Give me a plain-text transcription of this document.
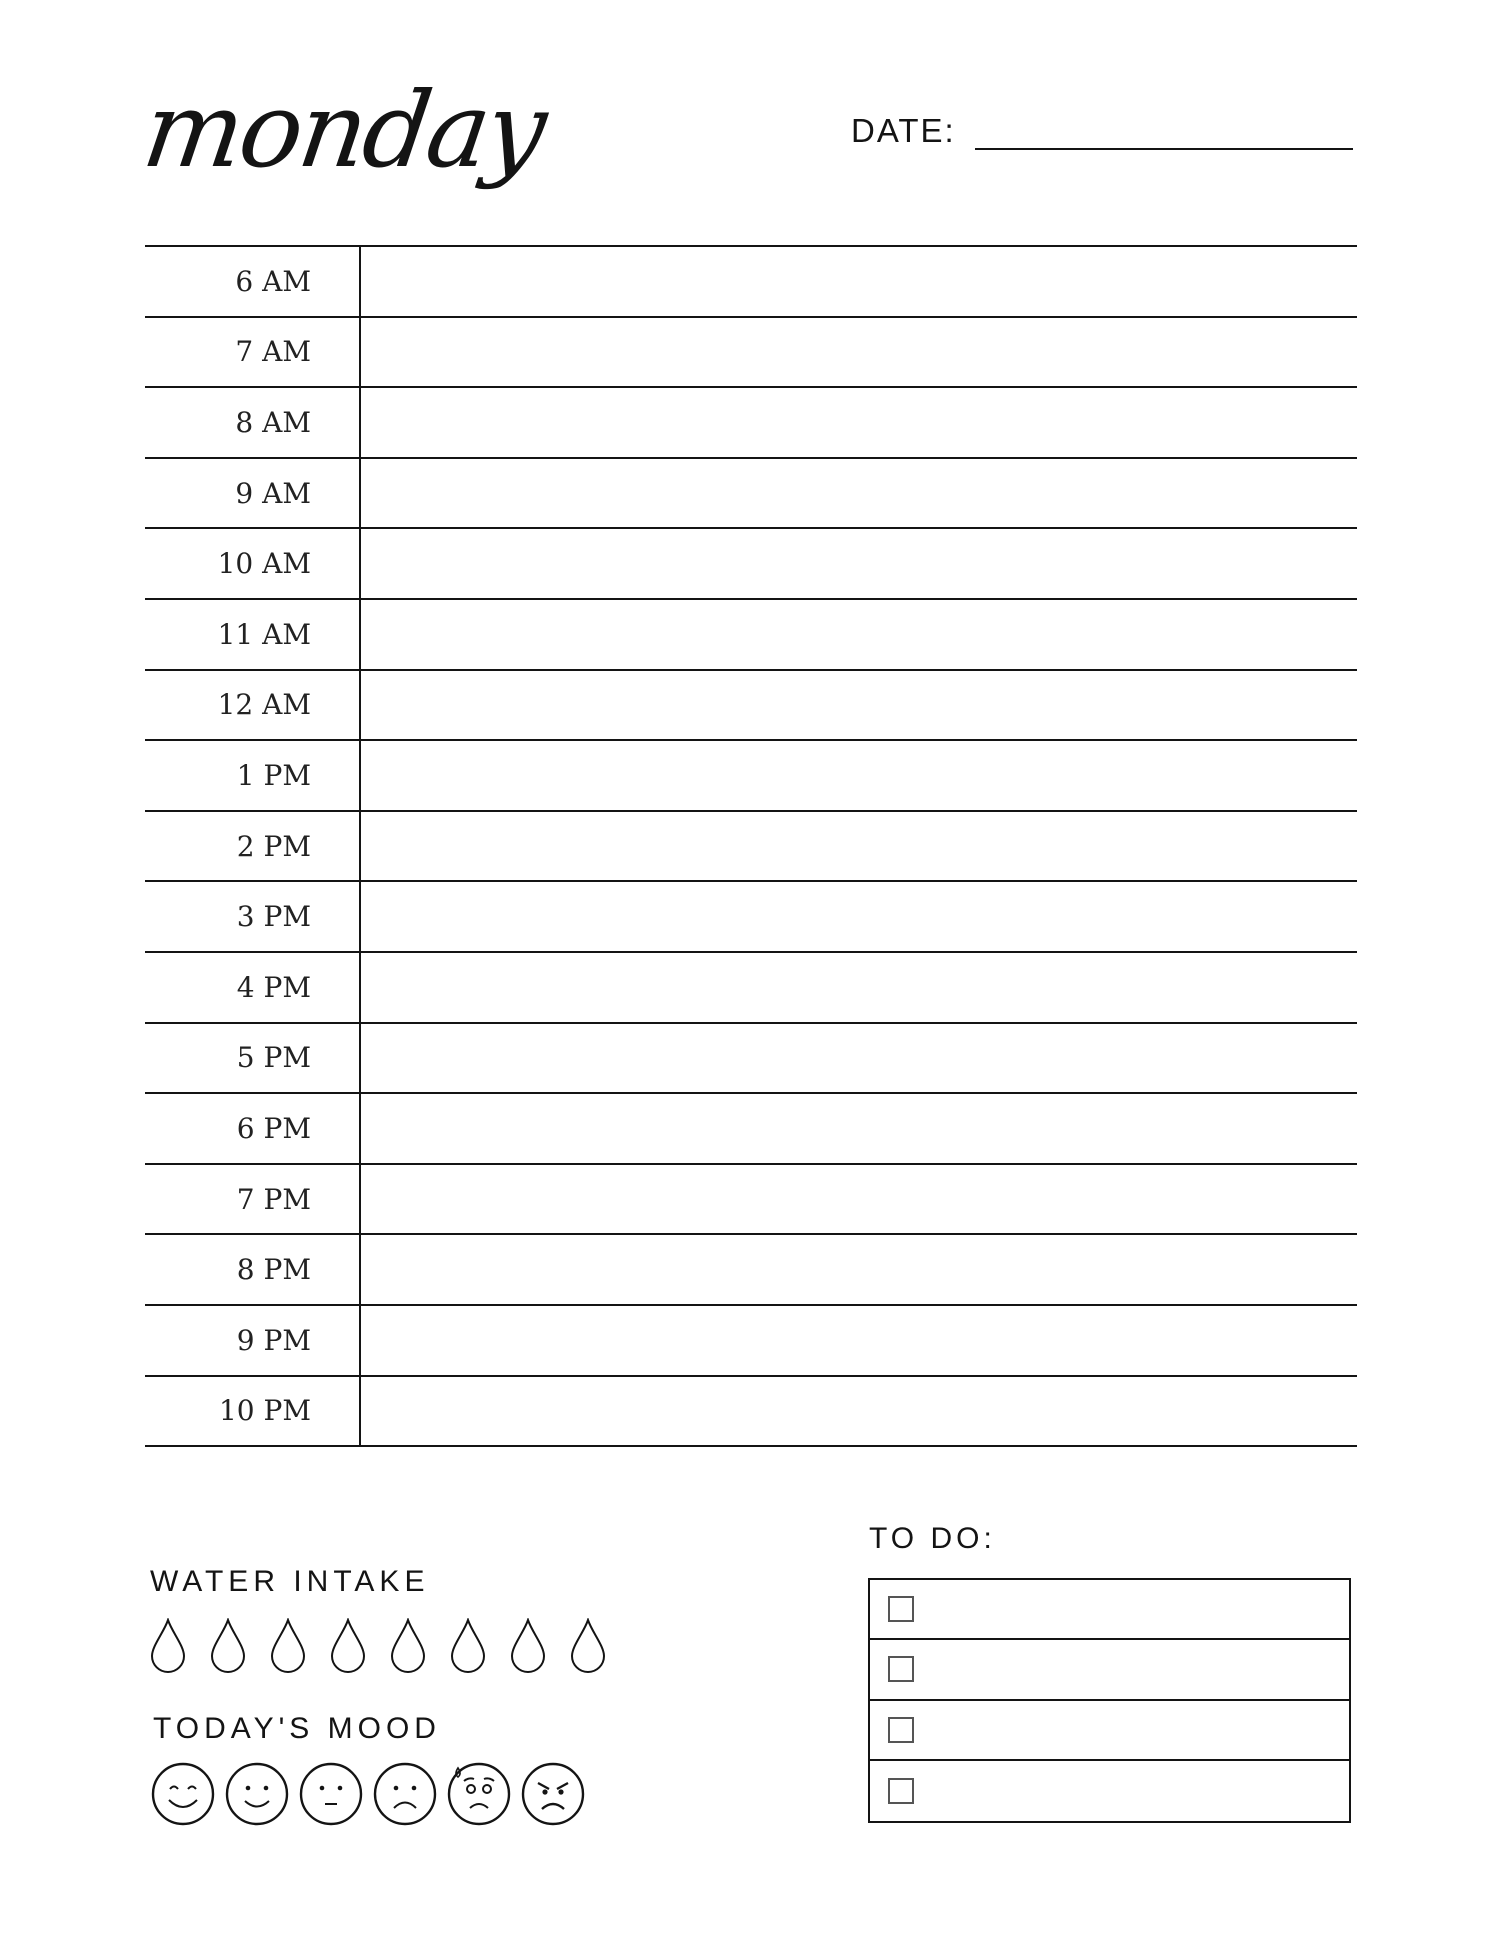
monday	DATE:
6 AM
7 AM
8 AM
9 AM
10 AM
11 AM
12 AM
1 PM
2 PM
3 PM
4 PM
5 PM
6 PM
7 PM
8 PM
9 PM
10 PM
WATER INTAKE
TODAY'S MOOD
TO DO:
